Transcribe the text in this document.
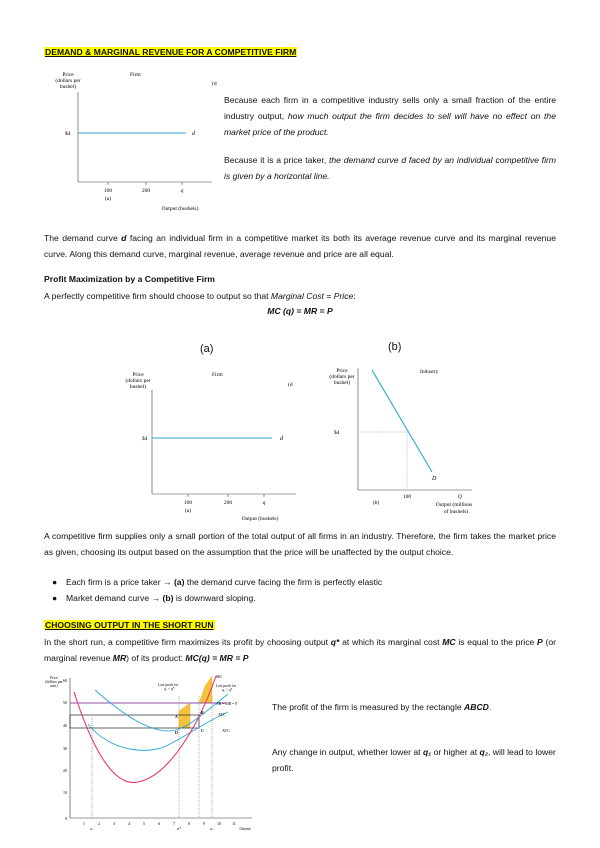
DEMAND & MARGINAL REVENUE FOR A COMPETITIVE FIRM
Price
(dollars per
bushel)
Firm
(d
$4	d
100	200	q
(a)
Output (bushels)
Because each firm in a competitive industry sells only a small fraction of the entire industry output, how much output the firm decides to sell will have no effect on the market price of the product.
Because it is a price taker, the demand curve d faced by an individual competitive firm is given by a horizontal line.
The demand curve d facing an individual firm in a competitive market its both its average revenue curve and its marginal revenue curve. Along this demand curve, marginal revenue, average revenue and price are all equal.
Profit Maximization by a Competitive Firm
A perfectly competitive firm should choose to output so that Marginal Cost = Price:
MC (q) = MR = P
(a)	(b)
Price
(dollars per
bushel)
Firm
(d
$4	d
100	200	q
(a)
Output (bushels)
Price
(dollars per
bushel)
Industry
$4
D
100	Q
(b)	Output (millions
of bushels)
A competitive firm supplies only a small portion of the total output of all firms in an industry. Therefore, the firm takes the market price as given, choosing its output based on the assumption that the price will be unaffected by the output choice.
● Each firm is a price taker → (a) the demand curve facing the firm is perfectly elastic
● Market demand curve → (b) is downward sloping.
CHOOSING OUTPUT IN THE SHORT RUN
In the short run, a competitive firm maximizes its profit by choosing output q* at which its marginal cost MC is equal to the price P (or marginal revenue MR) of its product: MC(q) = MR = P
Price
(dollars per
unit)
60
50
40
30
20
10
0
MC
ATC
AVC
AR = MR = P
Lost profit for
q₁ < q*
Lost profit for
q₂ > q*
A
B
C
D
1	2	3	4	5	6	7	8	9	10	11
q₁	q*	q₂	Output
The profit of the firm is measured by the rectangle ABCD.
Any change in output, whether lower at q₁ or higher at q₂, will lead to lower profit.
